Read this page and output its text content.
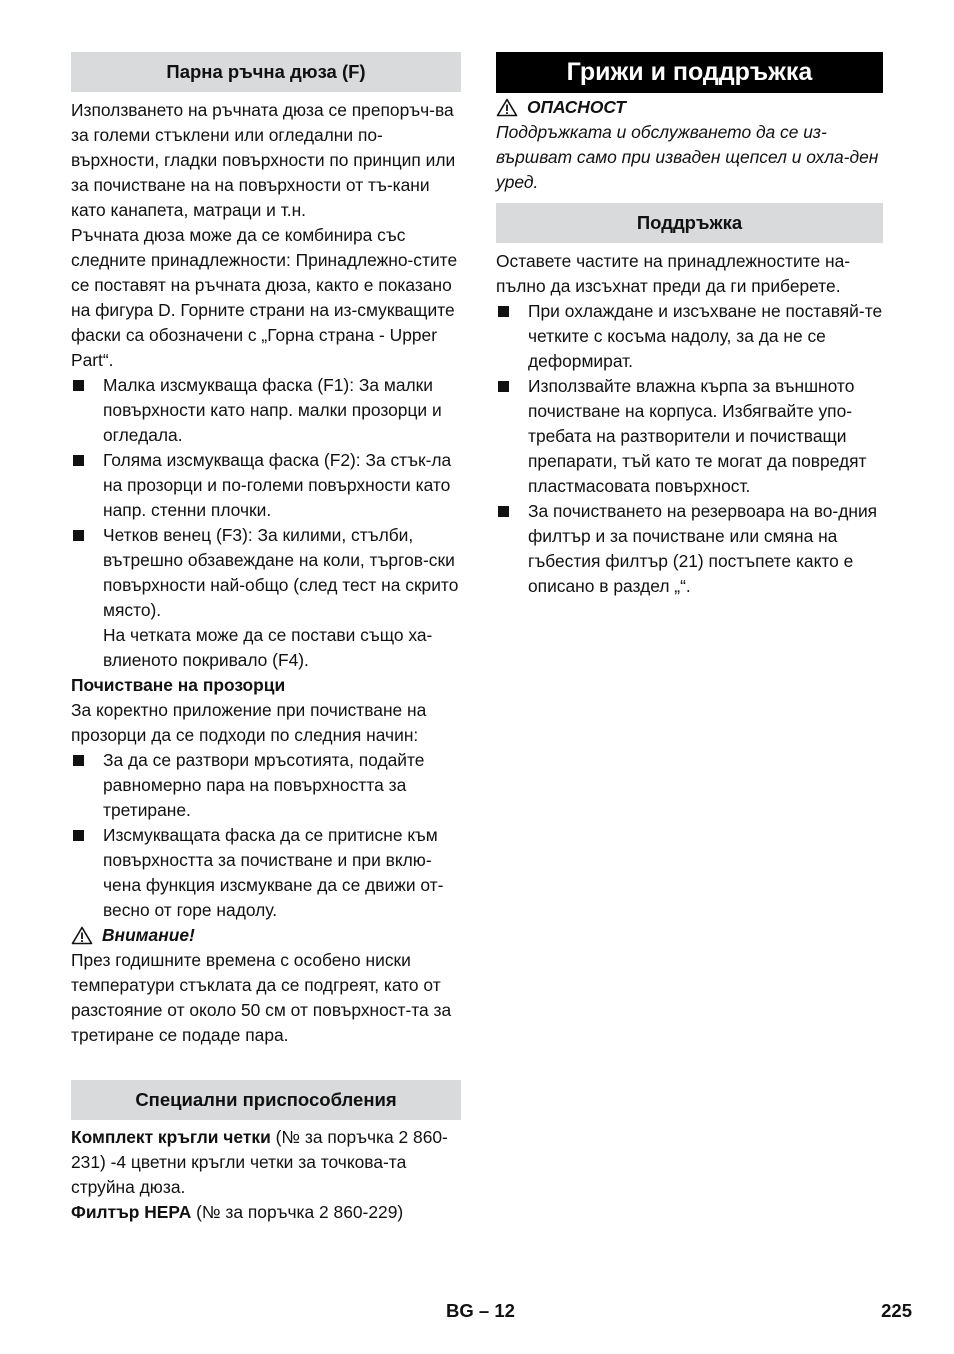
Парна ръчна дюза (F)

Използването на ръчната дюза се препоръч-ва за големи стъклени или огледални по-върхности, гладки повърхности по принцип или за почистване на на повърхности от тъ-кани като канапета, матраци и т.н.

Ръчната дюза може да се комбинира със следните принадлежности: Принадлежно-стите се поставят на ръчната дюза, както е показано на фигура D. Горните страни на из-смукващите фаски са обозначени с „Горна страна - Upper Part“.

Малка изсмукваща фаска (F1): За малки повърхности като напр. малки прозорци и огледала.
Голяма изсмукваща фаска (F2): За стък-ла на прозорци и по-големи повърхности като напр. стенни плочки.
Четков венец (F3): За килими, стълби, вътрешно обзавеждане на коли, търгов-ски повърхности най-общо (след тест на скрито място).
На четката може да се постави също ха-влиеното покривало (F4).

Почистване на прозорци

За коректно приложение при почистване на прозорци да се подходи по следния начин:

За да се разтвори мръсотията, подайте равномерно пара на повърхността за третиране.
Изсмукващата фаска да се притисне към повърхността за почистване и при вклю-чена функция изсмукване да се движи от-весно от горе надолу.
Внимание!

През годишните времена с особено ниски температури стъклата да се подгреят, като от разстояние от около 50 см от повърхност-та за третиране се подаде пара.

Специални приспособления

Комплект кръгли четки (№ за поръчка 2 860-231) -4 цветни кръгли четки за точкова-та струйна дюза.

Филтър HEPA (№ за поръчка 2 860-229)

Грижи и поддръжка
ОПАСНОСТ

Поддръжката и обслужването да се из-вършват само при изваден щепсел и охла-ден уред.

Поддръжка

Оставете частите на принадлежностите на-пълно да изсъхнат преди да ги приберете.

При охлаждане и изсъхване не поставяй-те четките с косъма надолу, за да не се деформират.
Използвайте влажна кърпа за външното почистване на корпуса. Избягвайте упо-требата на разтворители и почистващи препарати, тъй като те могат да повредят пластмасовата повърхност.
За почистването на резервоара на во-дния филтър и за почистване или смяна на гъбестия филтър (21) постъпете както е описано в раздел „“.
BG – 12	225
